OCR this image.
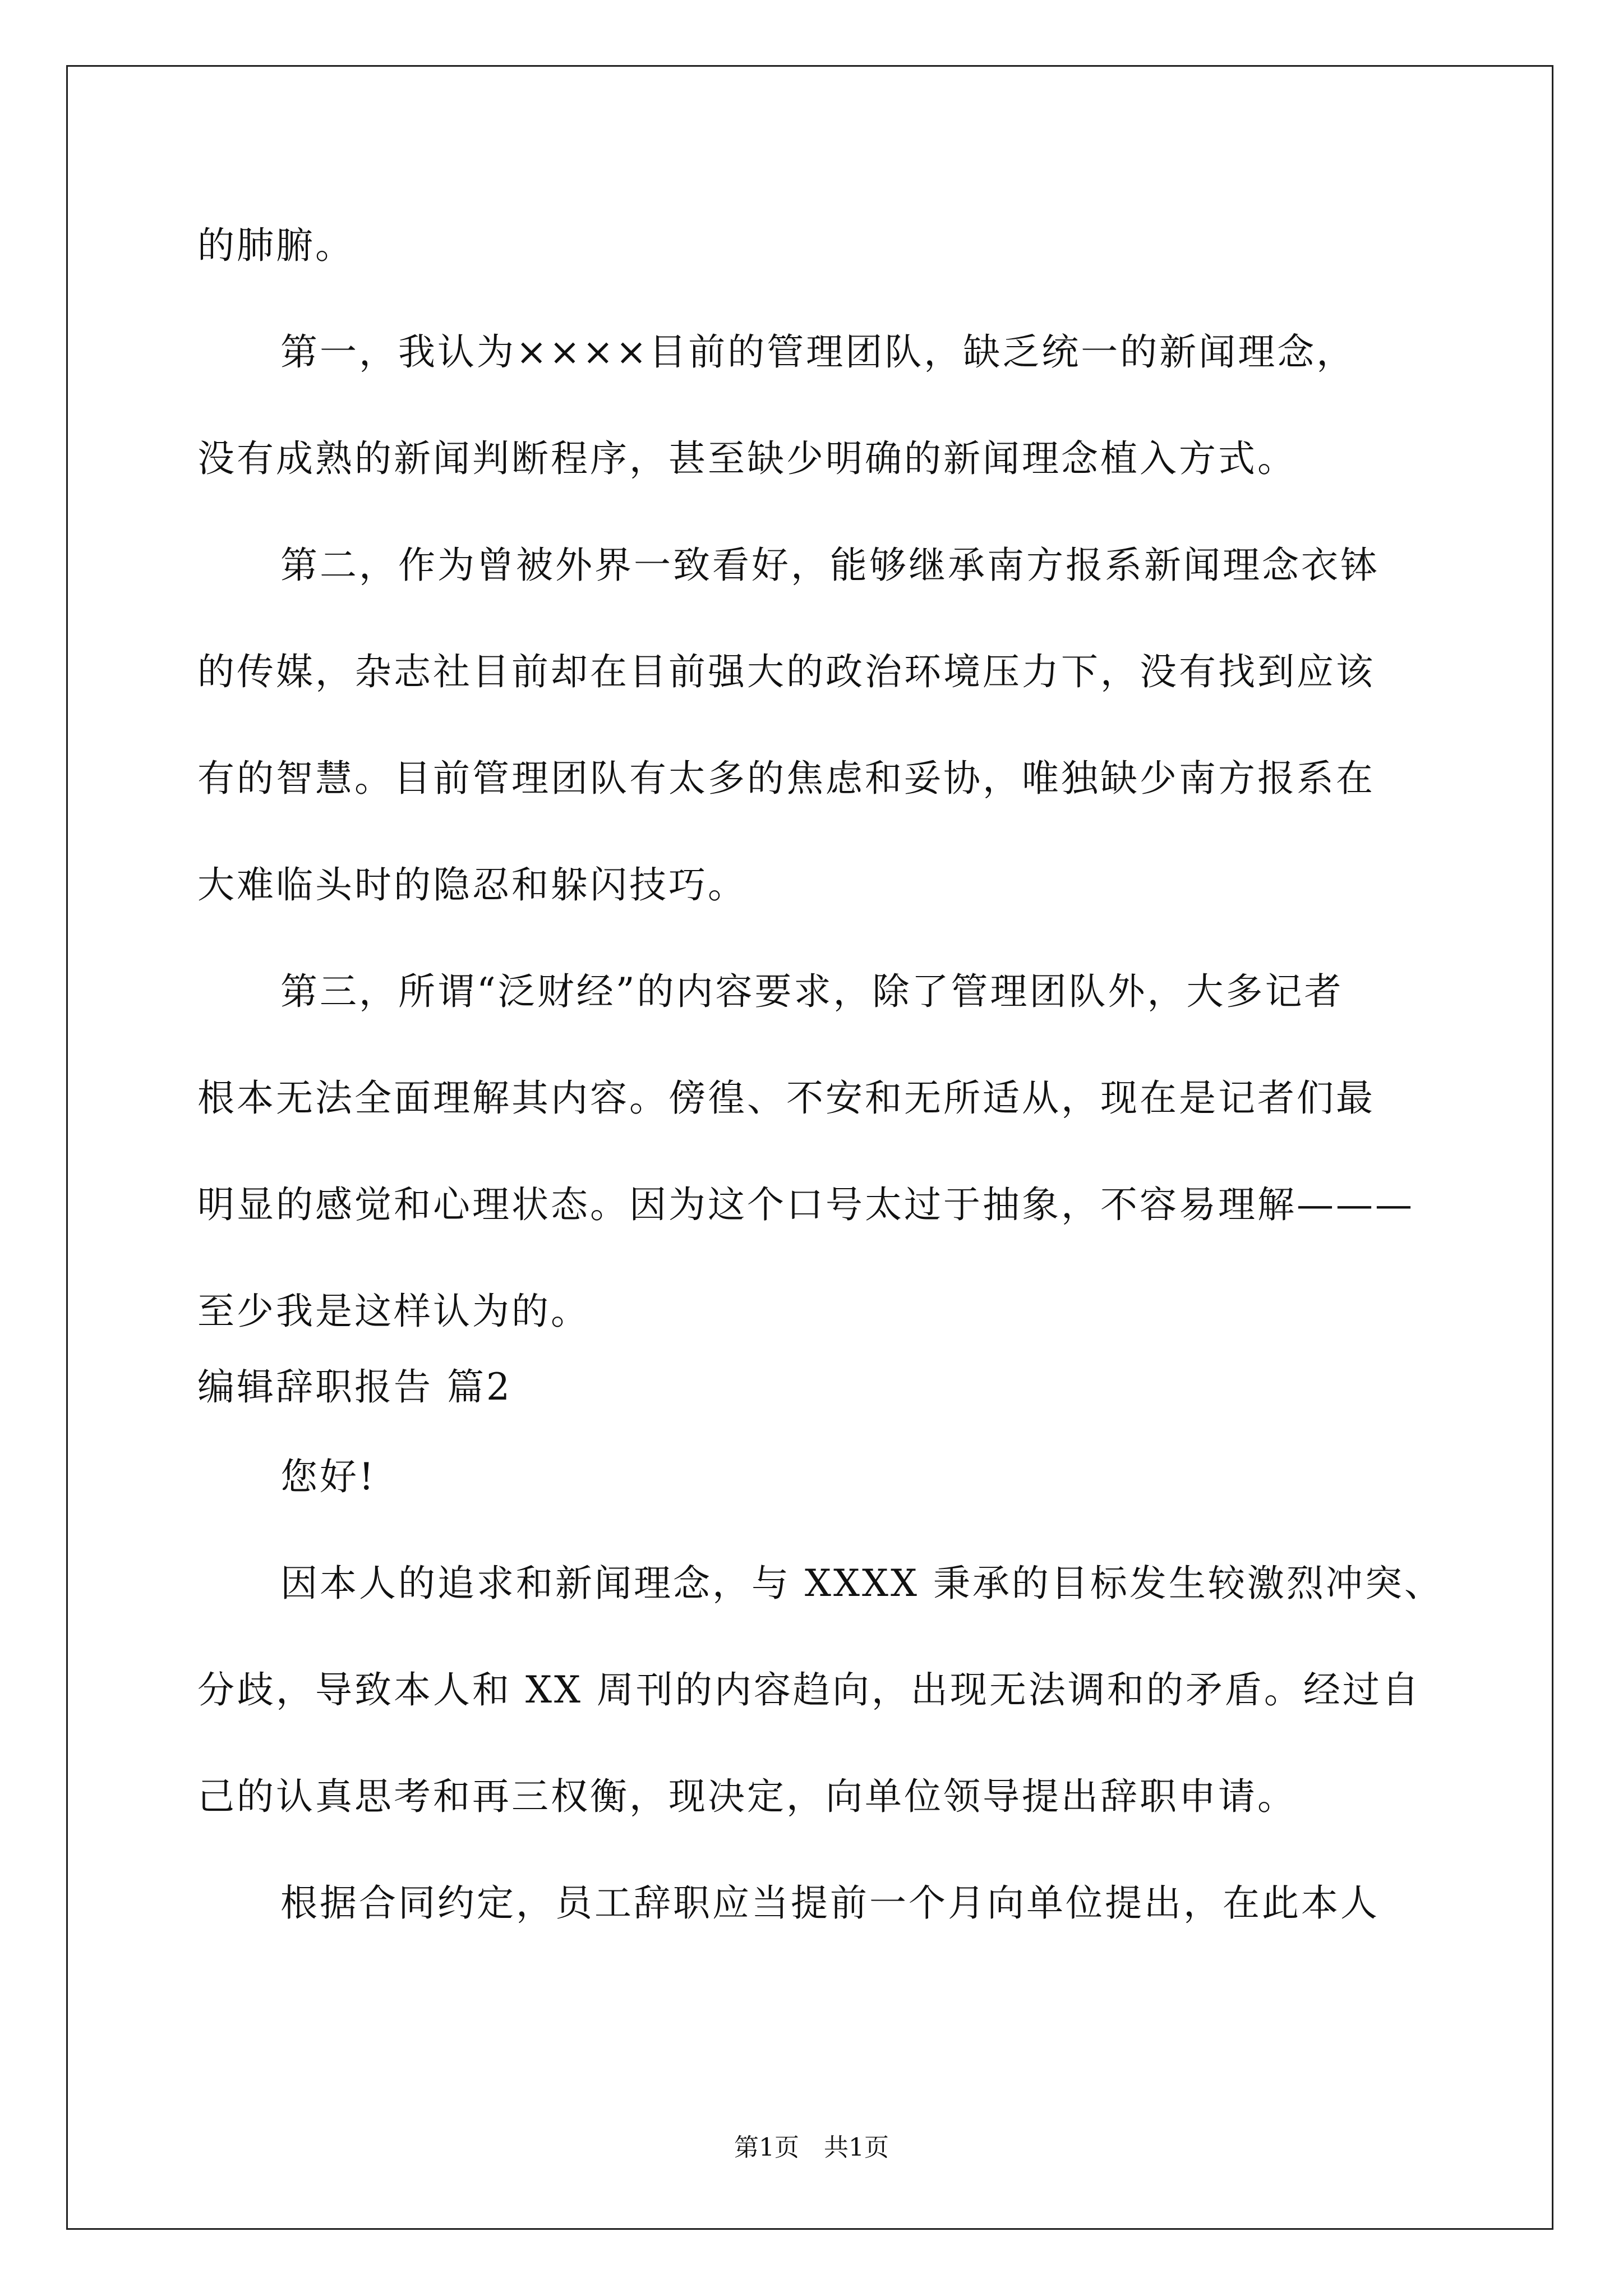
的肺腑。
第一，我认为××××目前的管理团队，缺乏统一的新闻理念，
没有成熟的新闻判断程序，甚至缺少明确的新闻理念植入方式。
第二，作为曾被外界一致看好，能够继承南方报系新闻理念衣钵
的传媒，杂志社目前却在目前强大的政治环境压力下，没有找到应该
有的智慧。目前管理团队有太多的焦虑和妥协，唯独缺少南方报系在
大难临头时的隐忍和躲闪技巧。
第三，所谓“泛财经”的内容要求，除了管理团队外，大多记者
根本无法全面理解其内容。傍徨、不安和无所适从，现在是记者们最
明显的感觉和心理状态。因为这个口号太过于抽象，不容易理解———
至少我是这样认为的。
编辑辞职报告 篇2
您好!
因本人的追求和新闻理念，与 XXXX 秉承的目标发生较激烈冲突、
分歧，导致本人和 XX 周刊的内容趋向，出现无法调和的矛盾。经过自
己的认真思考和再三权衡，现决定，向单位领导提出辞职申请。
根据合同约定，员工辞职应当提前一个月向单位提出，在此本人
第1页　共1页
